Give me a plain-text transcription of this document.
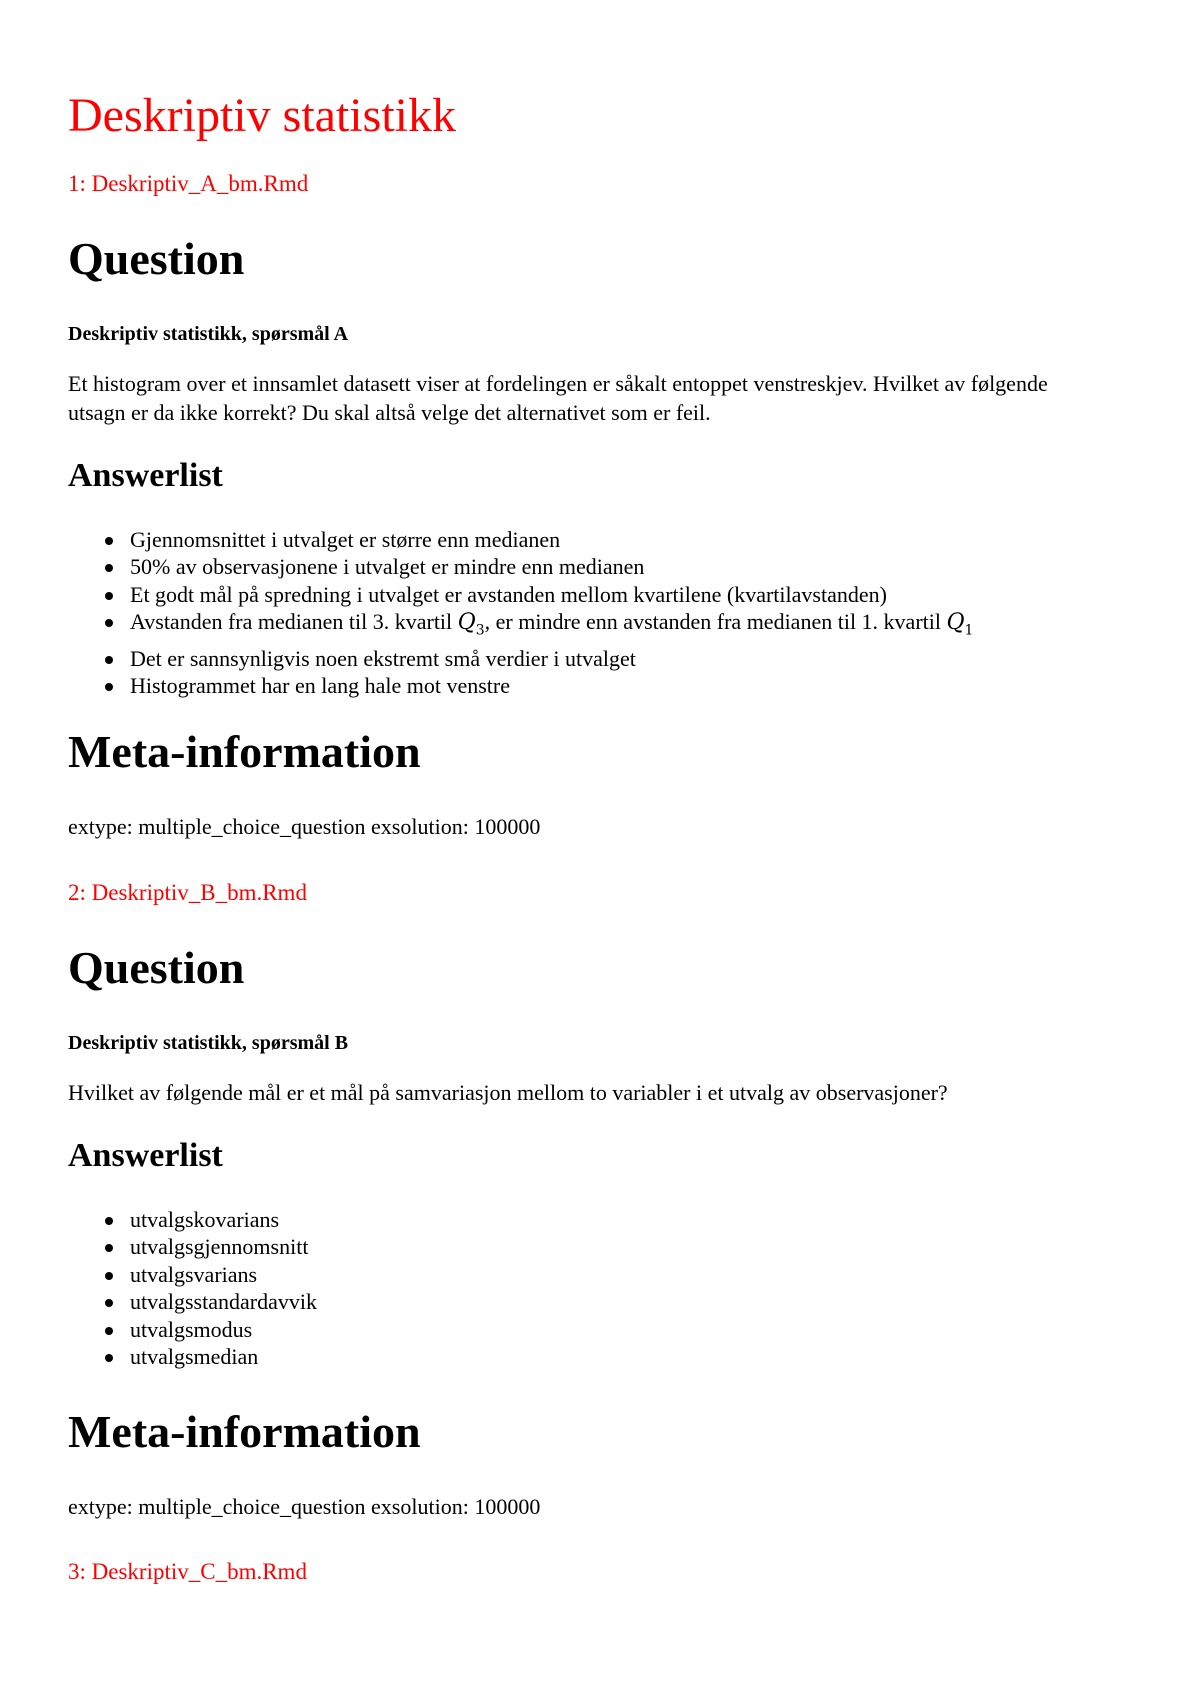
Deskriptiv statistikk
1: Deskriptiv_A_bm.Rmd
Question
Deskriptiv statistikk, spørsmål A
Et histogram over et innsamlet datasett viser at fordelingen er såkalt entoppet venstreskjev. Hvilket av følgende utsagn er da ikke korrekt? Du skal altså velge det alternativet som er feil.
Answerlist
Gjennomsnittet i utvalget er større enn medianen
50% av observasjonene i utvalget er mindre enn medianen
Et godt mål på spredning i utvalget er avstanden mellom kvartilene (kvartilavstanden)
Avstanden fra medianen til 3. kvartil $Q_3$, er mindre enn avstanden fra medianen til 1. kvartil $Q_1$
Det er sannsynligvis noen ekstremt små verdier i utvalget
Histogrammet har en lang hale mot venstre
Meta-information
extype: multiple_choice_question exsolution: 100000
2: Deskriptiv_B_bm.Rmd
Question
Deskriptiv statistikk, spørsmål B
Hvilket av følgende mål er et mål på samvariasjon mellom to variabler i et utvalg av observasjoner?
Answerlist
utvalgskovarians
utvalgsgjennomsnitt
utvalgsvarians
utvalgsstandardavvik
utvalgsmodus
utvalgsmedian
Meta-information
extype: multiple_choice_question exsolution: 100000
3: Deskriptiv_C_bm.Rmd
